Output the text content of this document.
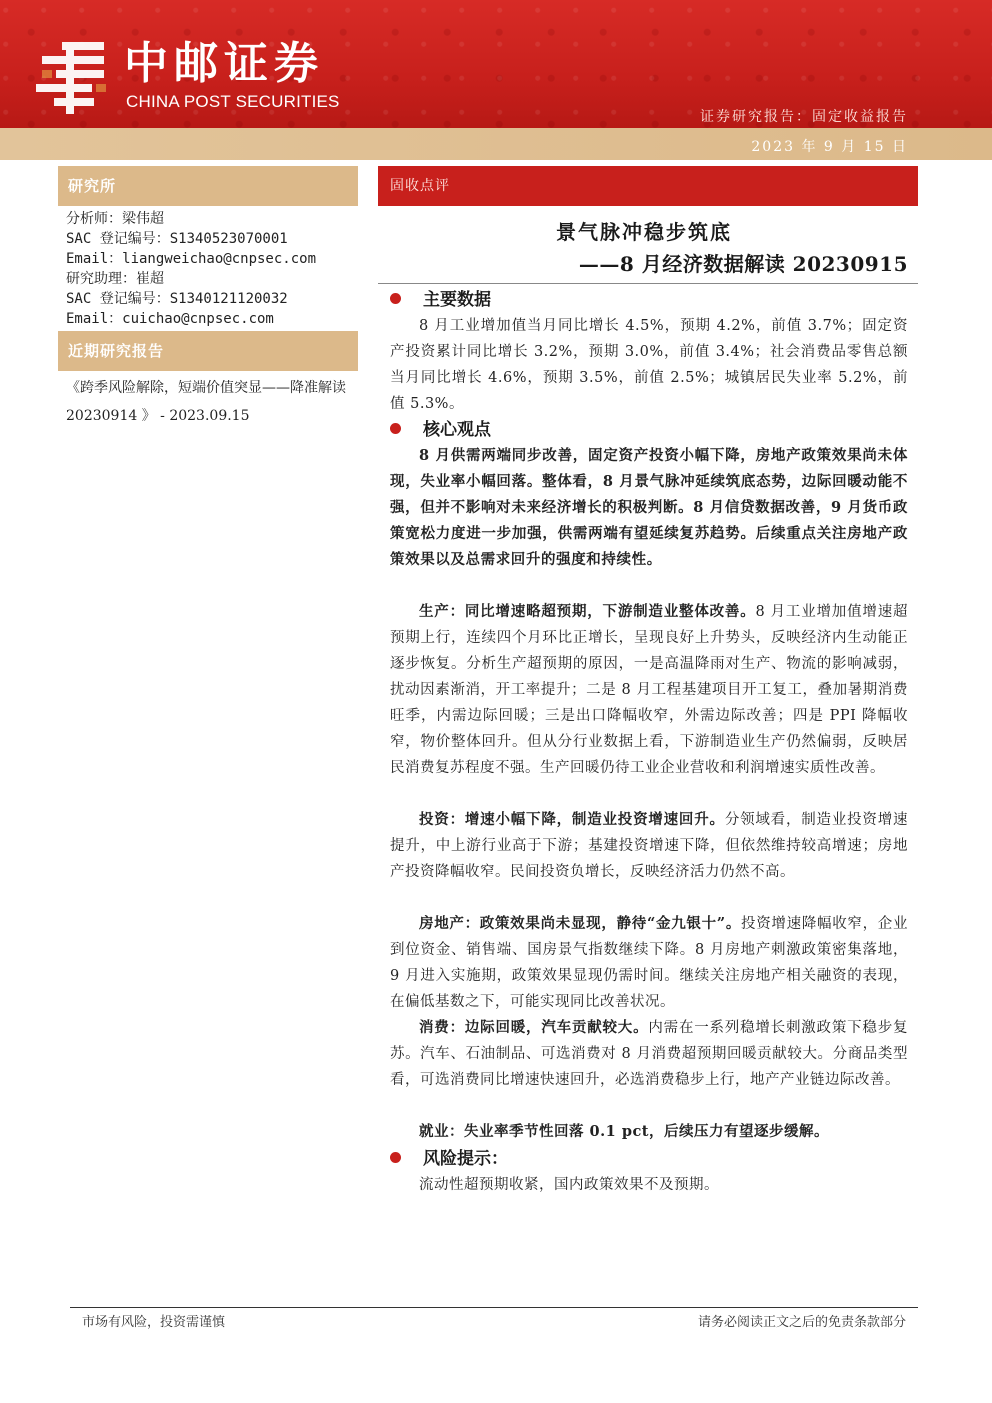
中邮证券
CHINA POST SECURITIES
证券研究报告：固定收益报告
2023 年 9 月 15 日
研究所
分析师：梁伟超
SAC 登记编号：S1340523070001
Email：liangweichao@cnpsec.com
研究助理：崔超
SAC 登记编号：S1340121120032
Email：cuichao@cnpsec.com
近期研究报告
《跨季风险解除，短端价值突显——降准解读 20230914 》 - 2023.09.15
固收点评
景气脉冲稳步筑底
——8 月经济数据解读 20230915
主要数据

8 月工业增加值当月同比增长 4.5%，预期 4.2%，前值 3.7%；固定资产投资累计同比增长 3.2%，预期 3.0%，前值 3.4%；社会消费品零售总额当月同比增长 4.6%，预期 3.5%，前值 2.5%；城镇居民失业率 5.2%，前值 5.3%。

核心观点

8 月供需两端同步改善，固定资产投资小幅下降，房地产政策效果尚未体现，失业率小幅回落。整体看，8 月景气脉冲延续筑底态势，边际回暖动能不强，但并不影响对未来经济增长的积极判断。8 月信贷数据改善，9 月货币政策宽松力度进一步加强，供需两端有望延续复苏趋势。后续重点关注房地产政策效果以及总需求回升的强度和持续性。

生产：同比增速略超预期，下游制造业整体改善。8 月工业增加值增速超预期上行，连续四个月环比正增长，呈现良好上升势头，反映经济内生动能正逐步恢复。分析生产超预期的原因，一是高温降雨对生产、物流的影响减弱，扰动因素渐消，开工率提升；二是 8 月工程基建项目开工复工，叠加暑期消费旺季，内需边际回暖；三是出口降幅收窄，外需边际改善；四是 PPI 降幅收窄，物价整体回升。但从分行业数据上看，下游制造业生产仍然偏弱，反映居民消费复苏程度不强。生产回暖仍待工业企业营收和利润增速实质性改善。

投资：增速小幅下降，制造业投资增速回升。分领域看，制造业投资增速提升，中上游行业高于下游；基建投资增速下降，但依然维持较高增速；房地产投资降幅收窄。民间投资负增长，反映经济活力仍然不高。

房地产：政策效果尚未显现，静待“金九银十”。投资增速降幅收窄，企业到位资金、销售端、国房景气指数继续下降。8 月房地产刺激政策密集落地，9 月进入实施期，政策效果显现仍需时间。继续关注房地产相关融资的表现，在偏低基数之下，可能实现同比改善状况。

消费：边际回暖，汽车贡献较大。内需在一系列稳增长刺激政策下稳步复苏。汽车、石油制品、可选消费对 8 月消费超预期回暖贡献较大。分商品类型看，可选消费同比增速快速回升，必选消费稳步上行，地产产业链边际改善。

就业：失业率季节性回落 0.1 pct，后续压力有望逐步缓解。

风险提示：

流动性超预期收紧，国内政策效果不及预期。

市场有风险，投资需谨慎	请务必阅读正文之后的免责条款部分
